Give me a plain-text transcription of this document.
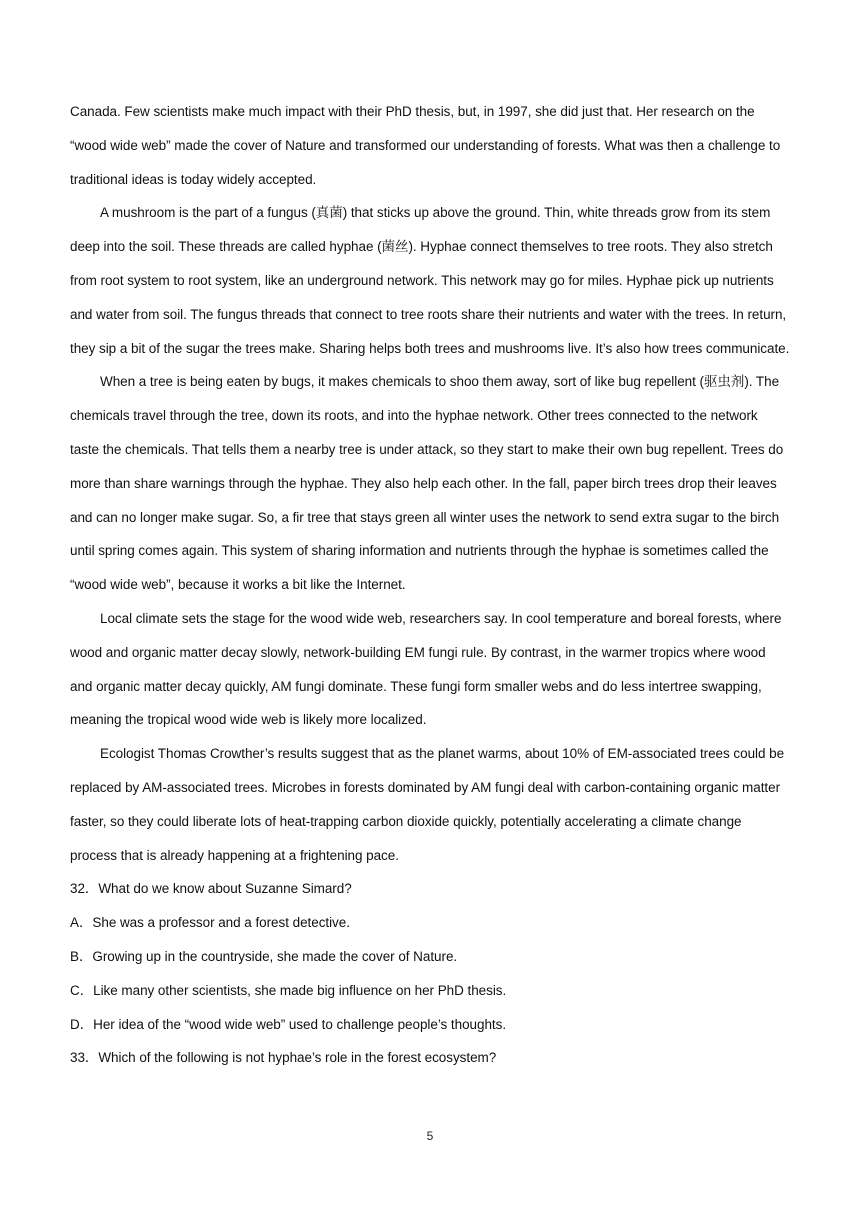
Canada. Few scientists make much impact with their PhD thesis, but, in 1997, she did just that. Her research on the “wood wide web” made the cover of Nature and transformed our understanding of forests. What was then a challenge to traditional ideas is today widely accepted.

A mushroom is the part of a fungus (真菌) that sticks up above the ground. Thin, white threads grow from its stem deep into the soil. These threads are called hyphae (菌丝). Hyphae connect themselves to tree roots. They also stretch from root system to root system, like an underground network. This network may go for miles. Hyphae pick up nutrients and water from soil. The fungus threads that connect to tree roots share their nutrients and water with the trees. In return, they sip a bit of the sugar the trees make. Sharing helps both trees and mushrooms live. It’s also how trees communicate.

When a tree is being eaten by bugs, it makes chemicals to shoo them away, sort of like bug repellent (驱虫剂). The chemicals travel through the tree, down its roots, and into the hyphae network. Other trees connected to the network taste the chemicals. That tells them a nearby tree is under attack, so they start to make their own bug repellent. Trees do more than share warnings through the hyphae. They also help each other. In the fall, paper birch trees drop their leaves and can no longer make sugar. So, a fir tree that stays green all winter uses the network to send extra sugar to the birch until spring comes again. This system of sharing information and nutrients through the hyphae is sometimes called the “wood wide web”, because it works a bit like the Internet.

Local climate sets the stage for the wood wide web, researchers say. In cool temperature and boreal forests, where wood and organic matter decay slowly, network-building EM fungi rule. By contrast, in the warmer tropics where wood and organic matter decay quickly, AM fungi dominate. These fungi form smaller webs and do less intertree swapping, meaning the tropical wood wide web is likely more localized.

Ecologist Thomas Crowther’s results suggest that as the planet warms, about 10% of EM-associated trees could be replaced by AM-associated trees. Microbes in forests dominated by AM fungi deal with carbon-containing organic matter faster, so they could liberate lots of heat-trapping carbon dioxide quickly, potentially accelerating a climate change process that is already happening at a frightening pace.

32．What do we know about Suzanne Simard?

A．She was a professor and a forest detective.

B．Growing up in the countryside, she made the cover of Nature.

C．Like many other scientists, she made big influence on her PhD thesis.

D．Her idea of the “wood wide web” used to challenge people’s thoughts.

33．Which of the following is not hyphae’s role in the forest ecosystem?

5
